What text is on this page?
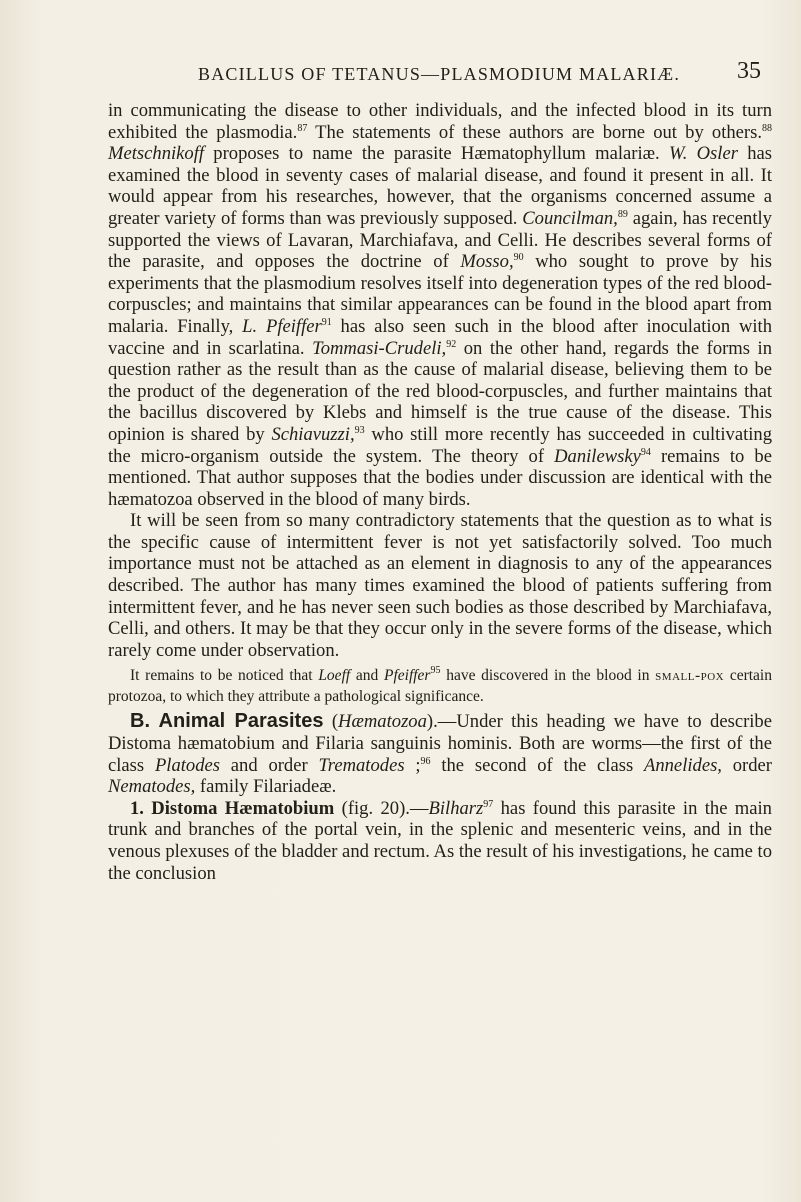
BACILLUS OF TETANUS—PLASMODIUM MALARIÆ. 35

in communicating the disease to other individuals, and the infected blood in its turn exhibited the plasmodia.$^{87}$ The statements of these authors are borne out by others.$^{88}$ Metschnikoff proposes to name the parasite Hæmatophyllum malariæ. W. Osler has examined the blood in seventy cases of malarial disease, and found it present in all. It would appear from his researches, however, that the organisms concerned assume a greater variety of forms than was previously supposed. Councilman,$^{89}$ again, has recently supported the views of Lavaran, Marchiafava, and Celli. He describes several forms of the parasite, and opposes the doctrine of Mosso,$^{90}$ who sought to prove by his experiments that the plasmodium resolves itself into degeneration types of the red blood-corpuscles; and maintains that similar appearances can be found in the blood apart from malaria. Finally, L. Pfeiffer$^{91}$ has also seen such in the blood after inoculation with vaccine and in scarlatina. Tommasi-Crudeli,$^{92}$ on the other hand, regards the forms in question rather as the result than as the cause of malarial disease, believing them to be the product of the degeneration of the red blood-corpuscles, and further maintains that the bacillus discovered by Klebs and himself is the true cause of the disease. This opinion is shared by Schiavuzzi,$^{93}$ who still more recently has succeeded in cultivating the micro-organism outside the system. The theory of Danilewsky$^{94}$ remains to be mentioned. That author supposes that the bodies under discussion are identical with the hæmatozoa observed in the blood of many birds.

It will be seen from so many contradictory statements that the question as to what is the specific cause of intermittent fever is not yet satisfactorily solved. Too much importance must not be attached as an element in diagnosis to any of the appearances described. The author has many times examined the blood of patients suffering from intermittent fever, and he has never seen such bodies as those described by Marchiafava, Celli, and others. It may be that they occur only in the severe forms of the disease, which rarely come under observation.

It remains to be noticed that Loeff and Pfeiffer$^{95}$ have discovered in the blood in small-pox certain protozoa, to which they attribute a pathological significance.

B. Animal Parasites (Hæmatozoa).—Under this heading we have to describe Distoma hæmatobium and Filaria sanguinis hominis. Both are worms—the first of the class Platodes and order Trematodes ;$^{96}$ the second of the class Annelides, order Nematodes, family Filariadeæ.

1. Distoma Hæmatobium (fig. 20).—Bilharz$^{97}$ has found this parasite in the main trunk and branches of the portal vein, in the splenic and mesenteric veins, and in the venous plexuses of the bladder and rectum. As the result of his investigations, he came to the conclusion
